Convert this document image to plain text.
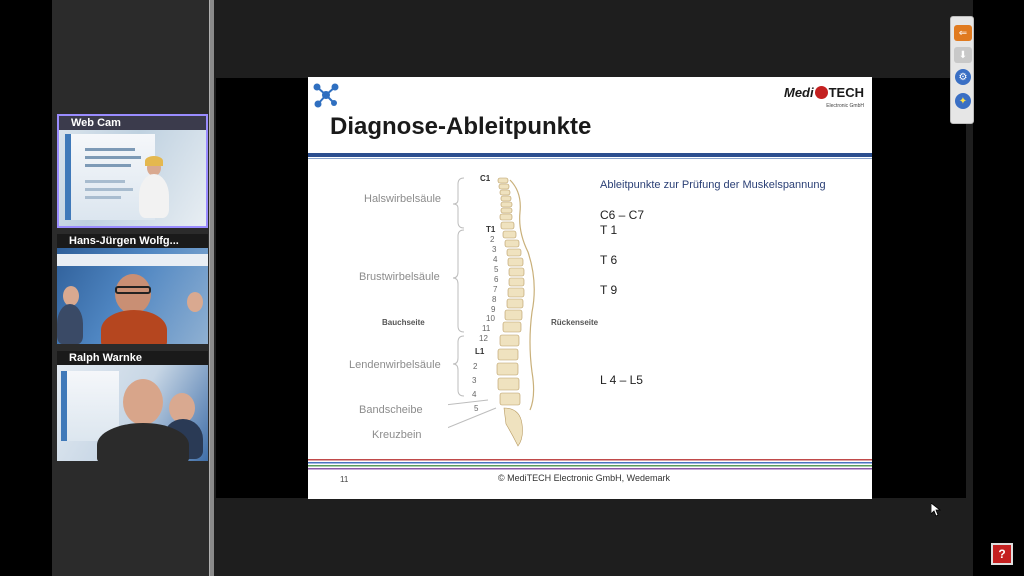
Web Cam
Hans-Jürgen Wolfg...
Ralph Warnke
Medi TECH
Electronic GmbH
Diagnose-Ableitpunkte
Halswirbelsäule
Brustwirbelsäule
Bauchseite	Rückenseite
Lendenwirbelsäule
Bandscheibe
Kreuzbein
C1
T1
2
3
4
5
6
7
8
9
10
11
12
L1
2
3
4
5
Ableitpunkte zur Prüfung der Muskelspannung
C6 – C7
T 1
T 6
T 9
L 4 – L5
11	© MediTECH Electronic GmbH, Wedemark
⇐
⬇
⚙
✦
?
